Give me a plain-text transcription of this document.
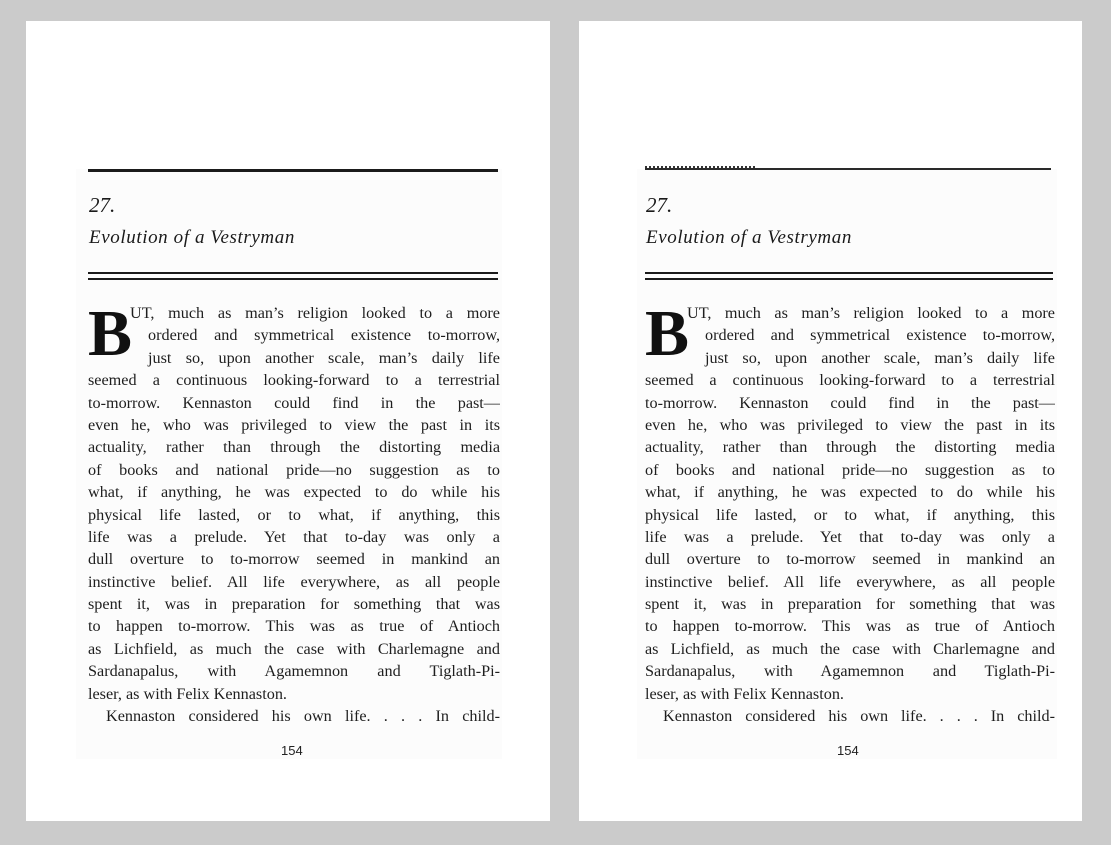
27.
Evolution of a Vestryman
B
UT, much as man’s religion looked to a more
ordered and symmetrical existence to-morrow,
just so, upon another scale, man’s daily life
seemed a continuous looking-forward to a terrestrial
to-morrow. Kennaston could find in the past—
even he, who was privileged to view the past in its
actuality, rather than through the distorting media
of books and national pride—no suggestion as to
what, if anything, he was expected to do while his
physical life lasted, or to what, if anything, this
life was a prelude. Yet that to-day was only a
dull overture to to-morrow seemed in mankind an
instinctive belief. All life everywhere, as all people
spent it, was in preparation for something that was
to happen to-morrow. This was as true of Antioch
as Lichfield, as much the case with Charlemagne and
Sardanapalus, with Agamemnon and Tiglath-Pi-
leser, as with Felix Kennaston.
Kennaston considered his own life. . . . In child-
154
27.
Evolution of a Vestryman
B
UT, much as man’s religion looked to a more
ordered and symmetrical existence to-morrow,
just so, upon another scale, man’s daily life
seemed a continuous looking-forward to a terrestrial
to-morrow. Kennaston could find in the past—
even he, who was privileged to view the past in its
actuality, rather than through the distorting media
of books and national pride—no suggestion as to
what, if anything, he was expected to do while his
physical life lasted, or to what, if anything, this
life was a prelude. Yet that to-day was only a
dull overture to to-morrow seemed in mankind an
instinctive belief. All life everywhere, as all people
spent it, was in preparation for something that was
to happen to-morrow. This was as true of Antioch
as Lichfield, as much the case with Charlemagne and
Sardanapalus, with Agamemnon and Tiglath-Pi-
leser, as with Felix Kennaston.
Kennaston considered his own life. . . . In child-
154
